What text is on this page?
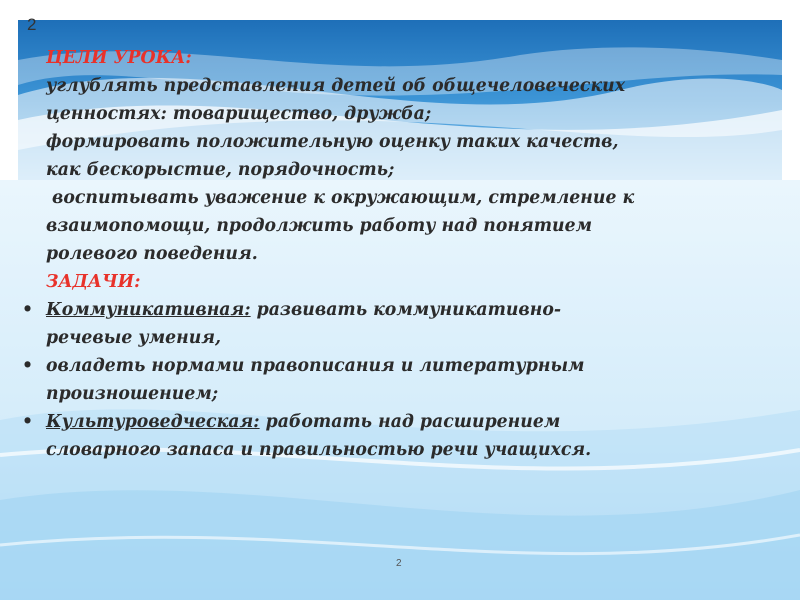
2
ЦЕЛИ УРОКА:
углублять представления детей об общечеловеческих
ценностях: товарищество, дружба;
формировать положительную оценку таких качеств,
как бескорыстие, порядочность;
воспитывать уважение к окружающим, стремление к
взаимопомощи, продолжить работу над понятием
ролевого поведения.
ЗАДАЧИ:
•Коммуникативная: развивать коммуникативно-
речевые умения,
•овладеть нормами правописания и литературным
произношением;
•Культуроведческая: работать над расширением
словарного запаса и правильностью речи учащихся.
2
